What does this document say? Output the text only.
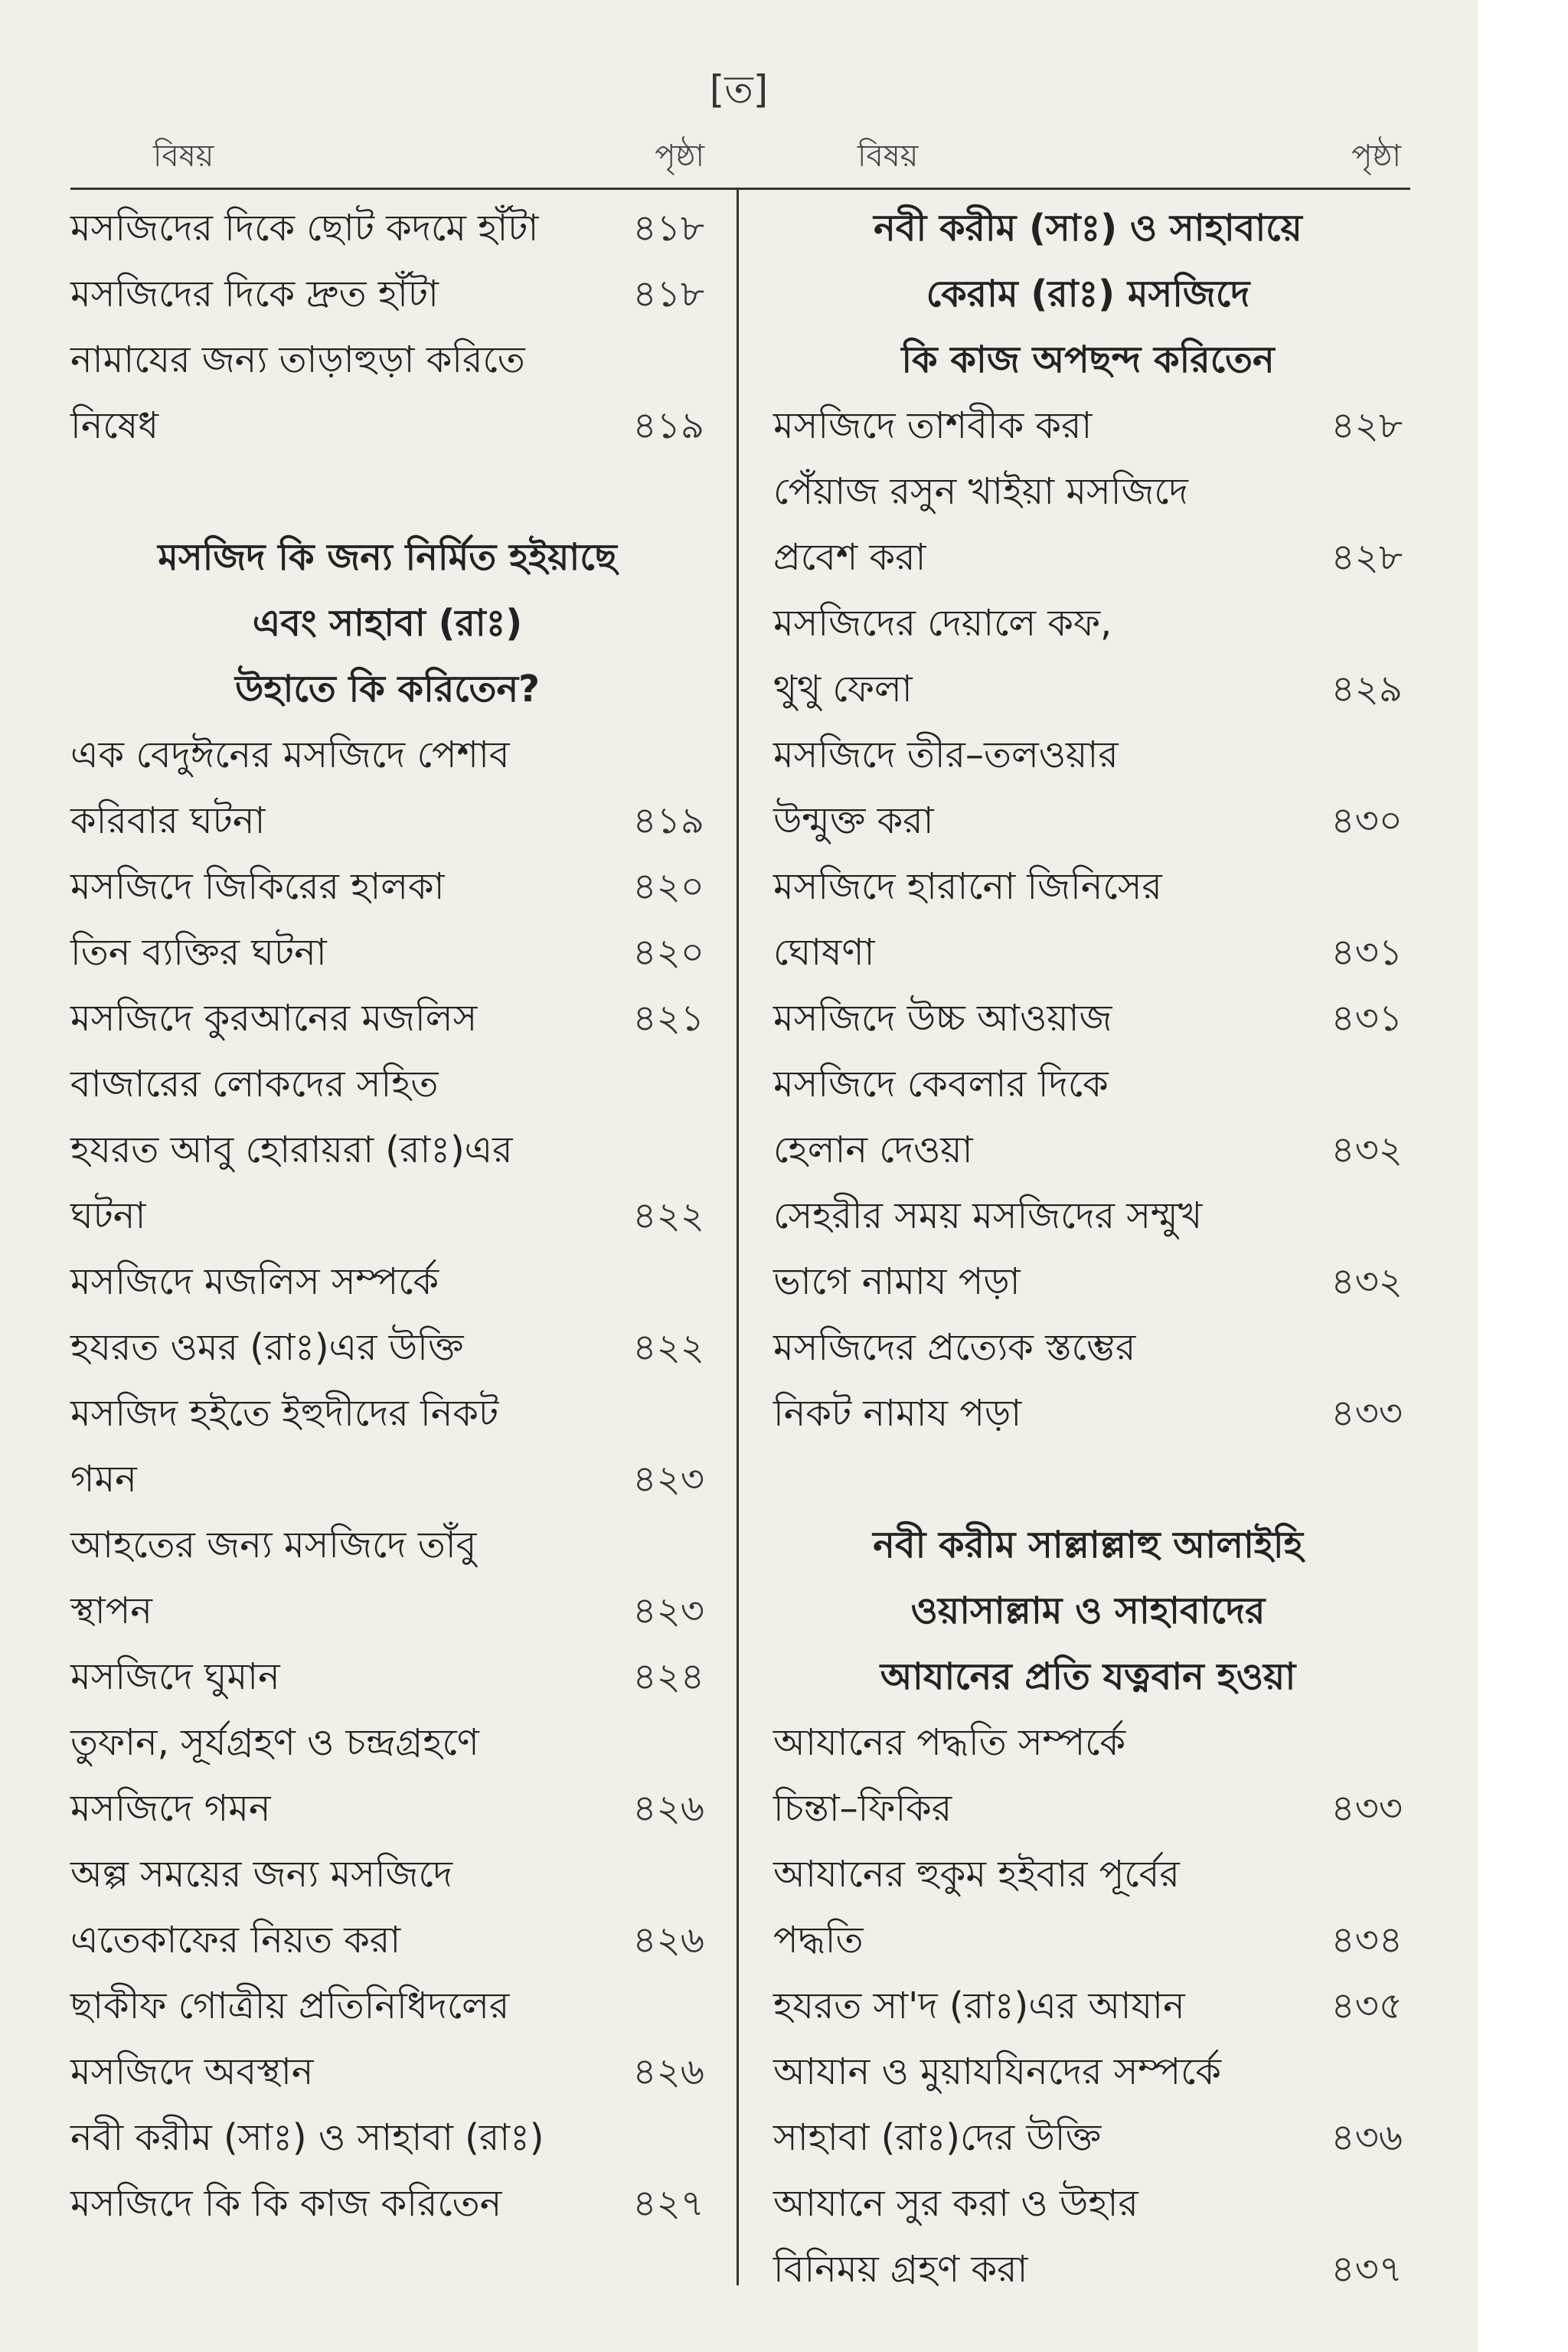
[ত]
বিষয়	পৃষ্ঠা	বিষয়	পৃষ্ঠা
মসজিদের দিকে ছোট কদমে হাঁটা	৪১৮
মসজিদের দিকে দ্রুত হাঁটা	৪১৮
নামাযের জন্য তাড়াহুড়া করিতে
নিষেধ	৪১৯
মসজিদ কি জন্য নির্মিত হইয়াছে
এবং সাহাবা (রাঃ)
উহাতে কি করিতেন?
এক বেদুঈনের মসজিদে পেশাব
করিবার ঘটনা	৪১৯
মসজিদে জিকিরের হালকা	৪২০
তিন ব্যক্তির ঘটনা	৪২০
মসজিদে কুরআনের মজলিস	৪২১
বাজারের লোকদের সহিত
হযরত আবু হোরায়রা (রাঃ)এর
ঘটনা	৪২২
মসজিদে মজলিস সম্পর্কে
হযরত ওমর (রাঃ)এর উক্তি	৪২২
মসজিদ হইতে ইহুদীদের নিকট
গমন	৪২৩
আহতের জন্য মসজিদে তাঁবু
স্থাপন	৪২৩
মসজিদে ঘুমান	৪২৪
তুফান, সূর্যগ্রহণ ও চন্দ্রগ্রহণে
মসজিদে গমন	৪২৬
অল্প সময়ের জন্য মসজিদে
এতেকাফের নিয়ত করা	৪২৬
ছাকীফ গোত্রীয় প্রতিনিধিদলের
মসজিদে অবস্থান	৪২৬
নবী করীম (সাঃ) ও সাহাবা (রাঃ)
মসজিদে কি কি কাজ করিতেন	৪২৭
নবী করীম (সাঃ) ও সাহাবায়ে
কেরাম (রাঃ) মসজিদে
কি কাজ অপছন্দ করিতেন
মসজিদে তাশবীক করা	৪২৮
পেঁয়াজ রসুন খাইয়া মসজিদে
প্রবেশ করা	৪২৮
মসজিদের দেয়ালে কফ,
থুথু ফেলা	৪২৯
মসজিদে তীর–তলওয়ার
উন্মুক্ত করা	৪৩০
মসজিদে হারানো জিনিসের
ঘোষণা	৪৩১
মসজিদে উচ্চ আওয়াজ	৪৩১
মসজিদে কেবলার দিকে
হেলান দেওয়া	৪৩২
সেহরীর সময় মসজিদের সম্মুখ
ভাগে নামায পড়া	৪৩২
মসজিদের প্রত্যেক স্তম্ভের
নিকট নামায পড়া	৪৩৩
নবী করীম সাল্লাল্লাহু আলাইহি
ওয়াসাল্লাম ও সাহাবাদের
আযানের প্রতি যত্নবান হওয়া
আযানের পদ্ধতি সম্পর্কে
চিন্তা–ফিকির	৪৩৩
আযানের হুকুম হইবার পূর্বের
পদ্ধতি	৪৩৪
হযরত সা'দ (রাঃ)এর আযান	৪৩৫
আযান ও মুয়াযযিনদের সম্পর্কে
সাহাবা (রাঃ)দের উক্তি	৪৩৬
আযানে সুর করা ও উহার
বিনিময় গ্রহণ করা	৪৩৭
